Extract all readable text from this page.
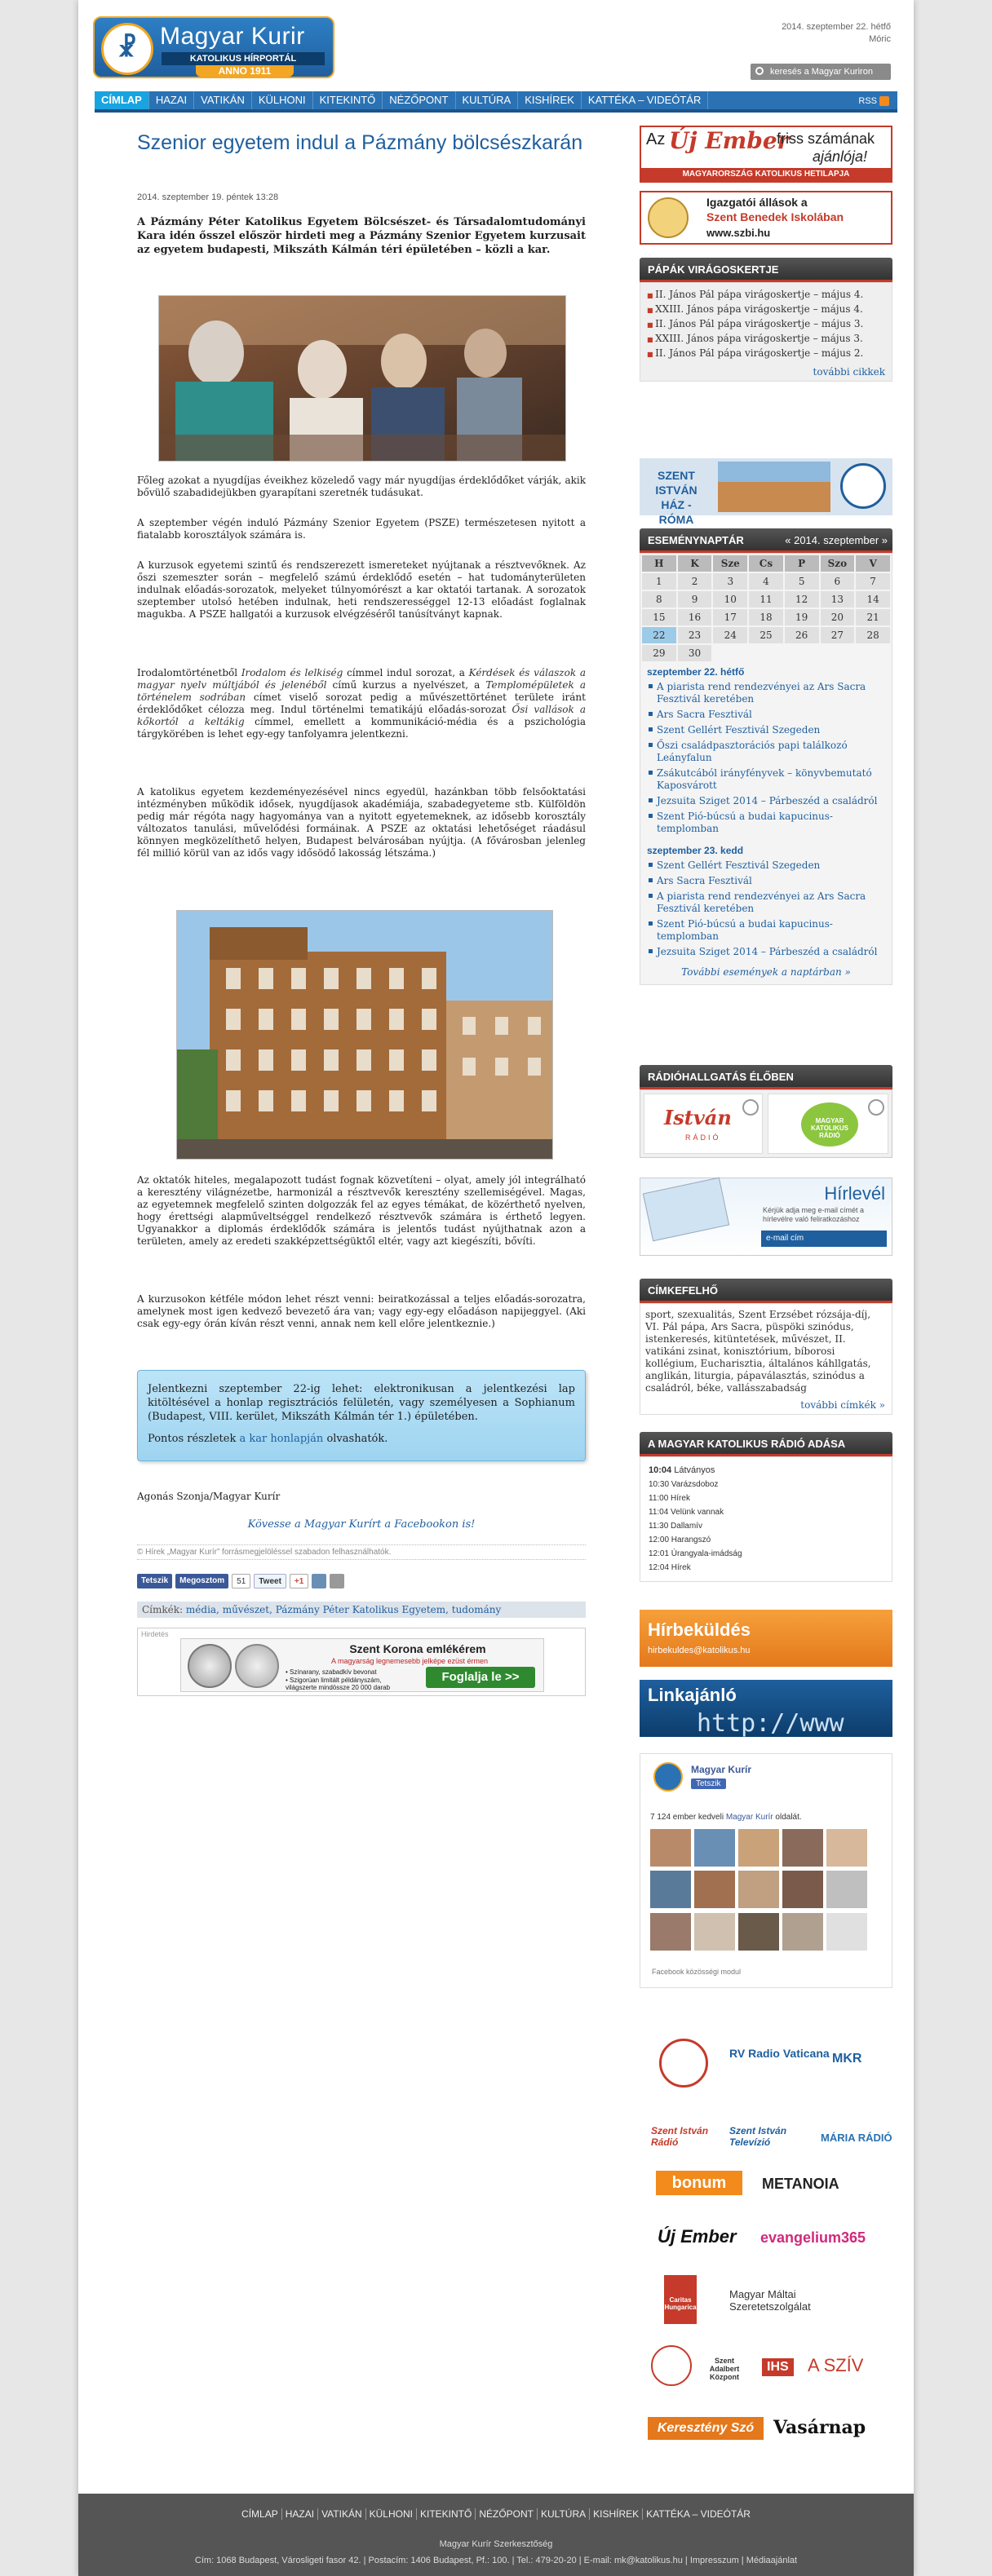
☧ Magyar Kurir
KATOLIKUS HÍRPORTÁL
ANNO 1911
2014. szeptember 22. hétfő
Móric
keresés a Magyar Kuriron
CÍMLAP	HAZAI	VATIKÁN	KÜLHONI	KITEKINTŐ	NÉZŐPONT	KULTÚRA	KISHÍREK	KATTÉKA – VIDEÓTÁR	RSS
Szenior egyetem indul a Pázmány bölcsészkarán
2014. szeptember 19. péntek 13:28
A Pázmány Péter Katolikus Egyetem Bölcsészet- és Társadalomtudományi Kara idén ősszel először hirdeti meg a Pázmány Szenior Egyetem kurzusait az egyetem budapesti, Mikszáth Kálmán téri épületében – közli a kar.

Főleg azokat a nyugdíjas éveikhez közeledő vagy már nyugdíjas érdeklődőket várják, akik bővülő szabadidejükben gyarapítani szeretnék tudásukat.

A szeptember végén induló Pázmány Szenior Egyetem (PSZE) természetesen nyitott a fiatalabb korosztályok számára is.

A kurzusok egyetemi szintű és rendszerezett ismereteket nyújtanak a résztvevőknek. Az őszi szemeszter során – megfelelő számú érdeklődő esetén – hat tudományterületen indulnak előadás-sorozatok, melyeket túlnyomórészt a kar oktatói tartanak. A sorozatok szeptember utolsó hetében indulnak, heti rendszerességgel 12-13 előadást foglalnak magukba. A PSZE hallgatói a kurzusok elvégzéséről tanúsítványt kapnak.

Irodalomtörténetből Irodalom és lelkiség címmel indul sorozat, a Kérdések és válaszok a magyar nyelv múltjából és jelenéből című kurzus a nyelvészet, a Templomépületek a történelem sodrában címet viselő sorozat pedig a művészettörténet területe iránt érdeklődőket célozza meg. Indul történelmi tematikájú előadás-sorozat Ősi vallások a kőkortól a keltákig címmel, emellett a kommunikáció-média és a pszichológia tárgykörében is lehet egy-egy tanfolyamra jelentkezni.

A katolikus egyetem kezdeményezésével nincs egyedül, hazánkban több felsőoktatási intézményben működik idősek, nyugdíjasok akadémiája, szabadegyeteme stb. Külföldön pedig már régóta nagy hagyománya van a nyitott egyetemeknek, az idősebb korosztály változatos tanulási, művelődési formáinak. A PSZE az oktatási lehetőséget ráadásul könnyen megközelíthető helyen, Budapest belvárosában nyújtja. (A fővárosban jelenleg fél millió körül van az idős vagy idősödő lakosság létszáma.)

Az oktatók hiteles, megalapozott tudást fognak közvetíteni – olyat, amely jól integrálható a keresztény világnézetbe, harmonizál a résztvevők keresztény szellemiségével. Magas, az egyetemnek megfelelő szinten dolgozzák fel az egyes témákat, de közérthető nyelven, hogy érettségi alapműveltséggel rendelkező résztvevők számára is érthető legyen. Ugyanakkor a diplomás érdeklődők számára is jelentős tudást nyújthatnak azon a területen, amely az eredeti szakképzettségüktől eltér, vagy azt kiegészíti, bővíti.

A kurzusokon kétféle módon lehet részt venni: beiratkozással a teljes előadás-sorozatra, amelynek most igen kedvező bevezető ára van; vagy egy-egy előadáson napijeggyel. (Aki csak egy-egy órán kíván részt venni, annak nem kell előre jelentkeznie.)

Jelentkezni szeptember 22-ig lehet: elektronikusan a jelentkezési lap kitöltésével a honlap regisztrációs felületén, vagy személyesen a Sophianum (Budapest, VIII. kerület, Mikszáth Kálmán tér 1.) épületében.

Pontos részletek a kar honlapján olvashatók.

Agonás Szonja/Magyar Kurír
Kövesse a Magyar Kurírt a Facebookon is!
© Hírek „Magyar Kurír” forrásmegjelöléssel szabadon felhasználhatók.
Tetszik	Megosztom	51	Tweet	+1
Címkék: média, művészet, Pázmány Péter Katolikus Egyetem, tudomány
Hirdetés
Szent Korona emlékérem
A magyarság legnemesebb jelképe ezüst érmen
• Színarany, szabadkív bevonat
• Szigorúan limitált példányszám, világszerte mindössze 20 000 darab
Foglalja le >>
Az Új Ember
friss számának
ajánlója!
MAGYARORSZÁG KATOLIKUS HETILAPJA
Igazgatói állások a
Szent Benedek Iskolában
www.szbi.hu
PÁPÁK VIRÁGOSKERTJE
■ II. János Pál pápa virágoskertje – május 4.
■ XXIII. János pápa virágoskertje – május 4.
■ II. János Pál pápa virágoskertje – május 3.
■ XXIII. János pápa virágoskertje – május 3.
■ II. János Pál pápa virágoskertje – május 2.
további cikkek
SZENT ISTVÁN HÁZ - RÓMA
ESEMÉNYNAPTÁR	« 2014. szeptember »
H	K	Sze	Cs	P	Szo	V
1	2	3	4	5	6	7
8	9	10	11	12	13	14
15	16	17	18	19	20	21
22	23	24	25	26	27	28
29	30					
szeptember 22. hétfő
A piarista rend rendezvényei az Ars Sacra Fesztivál keretében
Ars Sacra Fesztivál
Szent Gellért Fesztivál Szegeden
Őszi családpasztorációs papi találkozó Leányfalun
Zsákutcából irányfényvek – könyvbemutató Kaposvárott
Jezsuita Sziget 2014 – Párbeszéd a családról
Szent Pió-búcsú a budai kapucinus-templomban
szeptember 23. kedd
Szent Gellért Fesztivál Szegeden
Ars Sacra Fesztivál
A piarista rend rendezvényei az Ars Sacra Fesztivál keretében
Szent Pió-búcsú a budai kapucinus-templomban
Jezsuita Sziget 2014 – Párbeszéd a családról
További események a naptárban »
RÁDIÓHALLGATÁS ÉLŐBEN
István
RÁDIÓ
MAGYAR KATOLIKUS RÁDIÓ
Hírlevél
Kérjük adja meg e-mail címét a hírlevélre való feliratkozáshoz
e-mail cím
CÍMKEFELHŐ
sport, szexualitás, Szent Erzsébet rózsája-díj, VI. Pál pápa, Ars Sacra, püspöki szinódus, istenkeresés, kitüntetések, művészet, II. vatikáni zsinat, konisztórium, bíborosi kollégium, Eucharisztia, általános káhllgatás, anglikán, liturgia, pápaválasztás, szinódus a családról, béke, vallásszabadság
további címkék »
A MAGYAR KATOLIKUS RÁDIÓ ADÁSA
10:04 Látványos
10:30 Varázsdoboz
11:00 Hírek
11:04 Velünk vannak
11:30 Dallamív
12:00 Harangszó
12:01 Úrangyala-imádság
12:04 Hírek
Hírbeküldés
hirbekuldes@katolikus.hu
Linkajánló
http://www
Magyar Kurír
Tetszik
7 124 ember kedveli Magyar Kurír oldalát.
Facebook közösségi modul
RV Radio Vaticana MKR
Szent István Rádió
Szent István Televízió	MÁRIA RÁDIÓ
bonum	METANOIA
Új Ember evangelium365
Caritas Hungarica
Magyar Máltai Szeretetszolgálat
Szent Adalbert Központ
IHS A SZÍV
Keresztény Szó	Vasárnap
CÍMLAP HAZAI VATIKÁN KÜLHONI KITEKINTŐ NÉZŐPONT KULTÚRA KISHÍREK KATTÉKA – VIDEÓTÁR
Magyar Kurír Szerkesztőség
Cím: 1068 Budapest, Városligeti fasor 42. | Postacím: 1406 Budapest, Pf.: 100. | Tel.: 479-20-20 | E-mail: mk@katolikus.hu | Impresszum | Médiaajánlat
